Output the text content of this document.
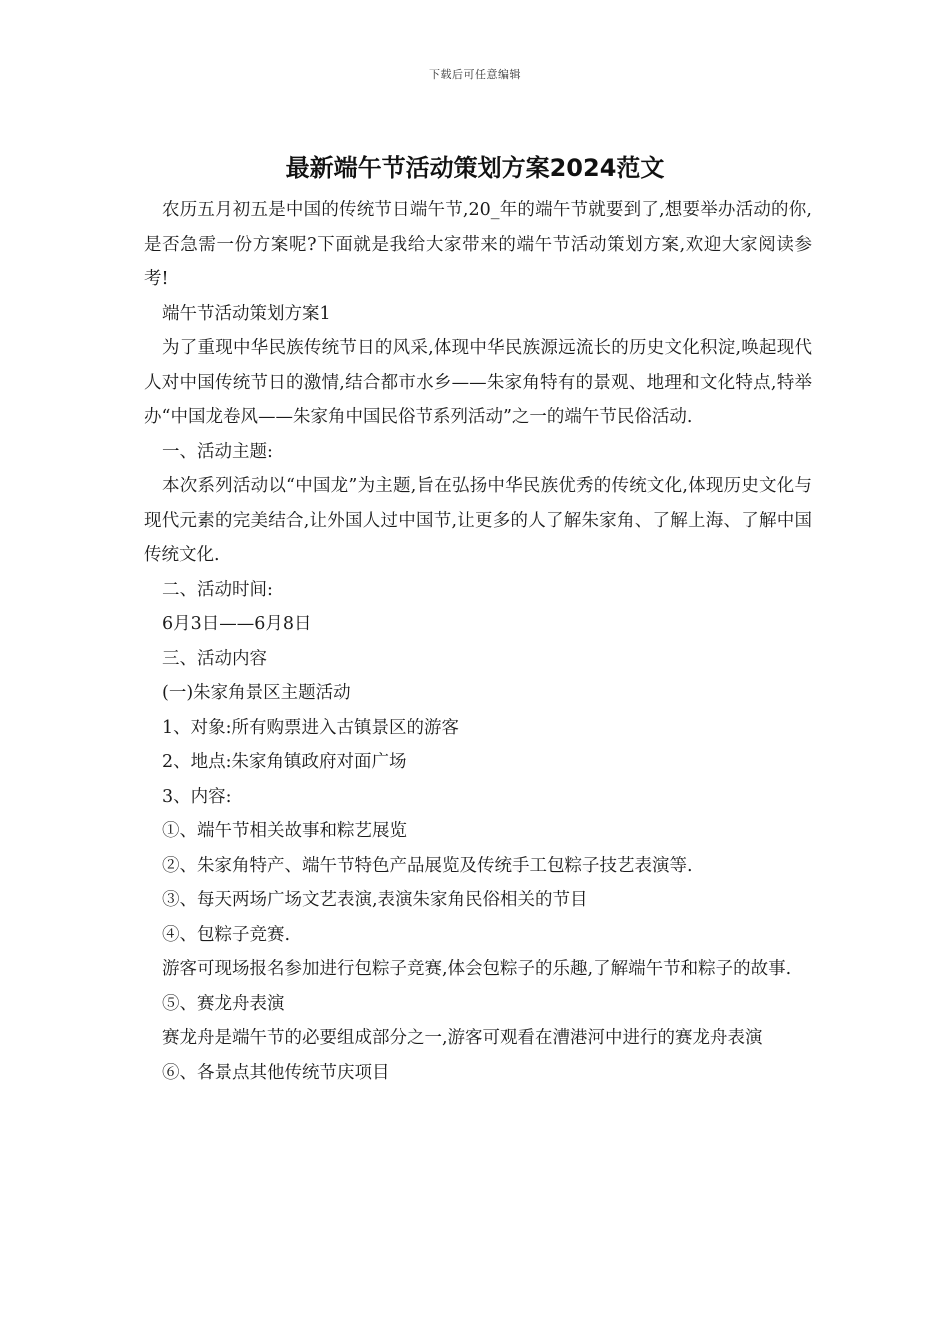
下载后可任意编辑
最新端午节活动策划方案2024范文

农历五月初五是中国的传统节日端午节,20_年的端午节就要到了,想要举办活动的你,是否急需一份方案呢?下面就是我给大家带来的端午节活动策划方案,欢迎大家阅读参考!

端午节活动策划方案1

为了重现中华民族传统节日的风采,体现中华民族源远流长的历史文化积淀,唤起现代人对中国传统节日的激情,结合都市水乡——朱家角特有的景观、地理和文化特点,特举办“中国龙卷风——朱家角中国民俗节系列活动”之一的端午节民俗活动.

一、活动主题:

本次系列活动以“中国龙”为主题,旨在弘扬中华民族优秀的传统文化,体现历史文化与现代元素的完美结合,让外国人过中国节,让更多的人了解朱家角、了解上海、了解中国传统文化.

二、活动时间:

6月3日——6月8日

三、活动内容

(一)朱家角景区主题活动

1、对象:所有购票进入古镇景区的游客

2、地点:朱家角镇政府对面广场

3、内容:

①、端午节相关故事和粽艺展览

②、朱家角特产、端午节特色产品展览及传统手工包粽子技艺表演等.

③、每天两场广场文艺表演,表演朱家角民俗相关的节目

④、包粽子竞赛.

游客可现场报名参加进行包粽子竞赛,体会包粽子的乐趣,了解端午节和粽子的故事.

⑤、赛龙舟表演

赛龙舟是端午节的必要组成部分之一,游客可观看在漕港河中进行的赛龙舟表演

⑥、各景点其他传统节庆项目
